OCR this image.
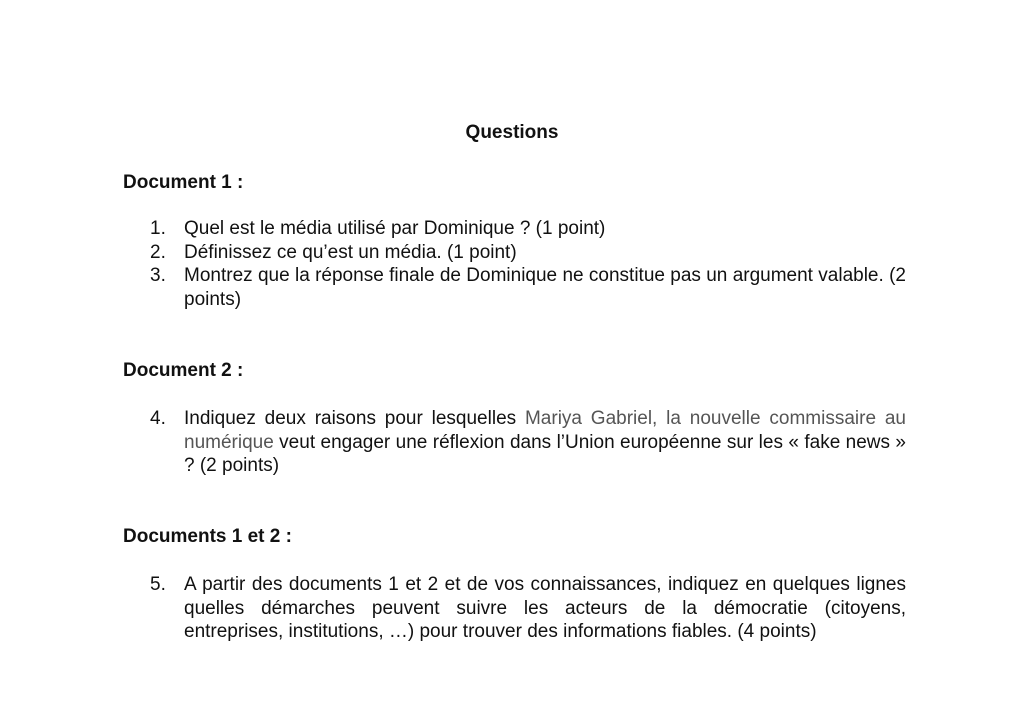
Questions
Document 1 :
1. Quel est le média utilisé par Dominique ? (1 point)
2. Définissez ce qu’est un média. (1 point)
3. Montrez que la réponse finale de Dominique ne constitue pas un argument valable. (2 points)
Document 2 :
4. Indiquez deux raisons pour lesquelles Mariya Gabriel, la nouvelle commissaire au numérique veut engager une réflexion dans l’Union européenne sur les « fake news » ? (2 points)
Documents 1 et 2 :
5. A partir des documents 1 et 2 et de vos connaissances, indiquez en quelques lignes quelles démarches peuvent suivre les acteurs de la démocratie (citoyens, entreprises, institutions, …) pour trouver des informations fiables. (4 points)
